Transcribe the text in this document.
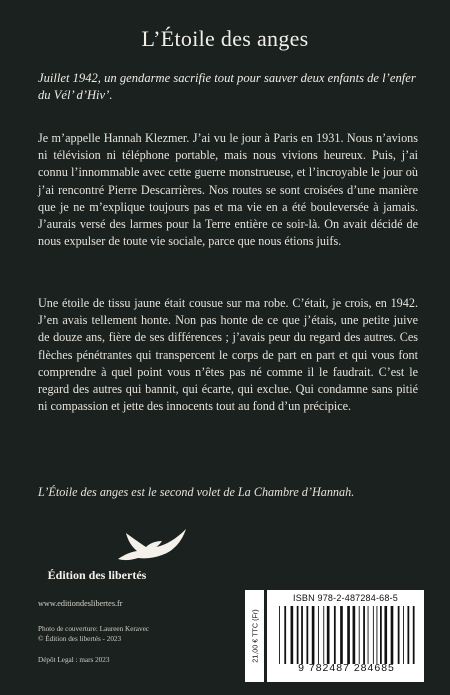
L’Étoile des anges
Juillet 1942, un gendarme sacrifie tout pour sauver deux enfants de l’enfer du Vél’ d’Hiv’.

Je m’appelle Hannah Klezmer. J’ai vu le jour à Paris en 1931. Nous n’avions ni télévision ni téléphone portable, mais nous vivions heureux. Puis, j’ai connu l’innommable avec cette guerre monstrueuse, et l’incroyable le jour où j’ai rencontré Pierre Descarrières. Nos routes se sont croisées d’une manière que je ne m’explique toujours pas et ma vie en a été bouleversée à jamais. J’aurais versé des larmes pour la Terre entière ce soir-là. On avait décidé de nous expulser de toute vie sociale, parce que nous étions juifs.

Une étoile de tissu jaune était cousue sur ma robe. C’était, je crois, en 1942. J’en avais tellement honte. Non pas honte de ce que j’étais, une petite juive de douze ans, fière de ses différences ; j’avais peur du regard des autres. Ces flèches pénétrantes qui transpercent le corps de part en part et qui vous font comprendre à quel point vous n’êtes pas né comme il le faudrait. C’est le regard des autres qui bannit, qui écarte, qui exclue. Qui condamne sans pitié ni compassion et jette des innocents tout au fond d’un précipice.

L’Étoile des anges est le second volet de La Chambre d’Hannah.
Édition des libertés
www.editiondeslibertes.fr
Photo de couverture: Laureen Keravec
© Édition des libertés - 2023
Dépôt Legal : mars 2023	21,00 € TTC (Fr)
ISBN 978-2-487284-68-5
9 782487 284685
